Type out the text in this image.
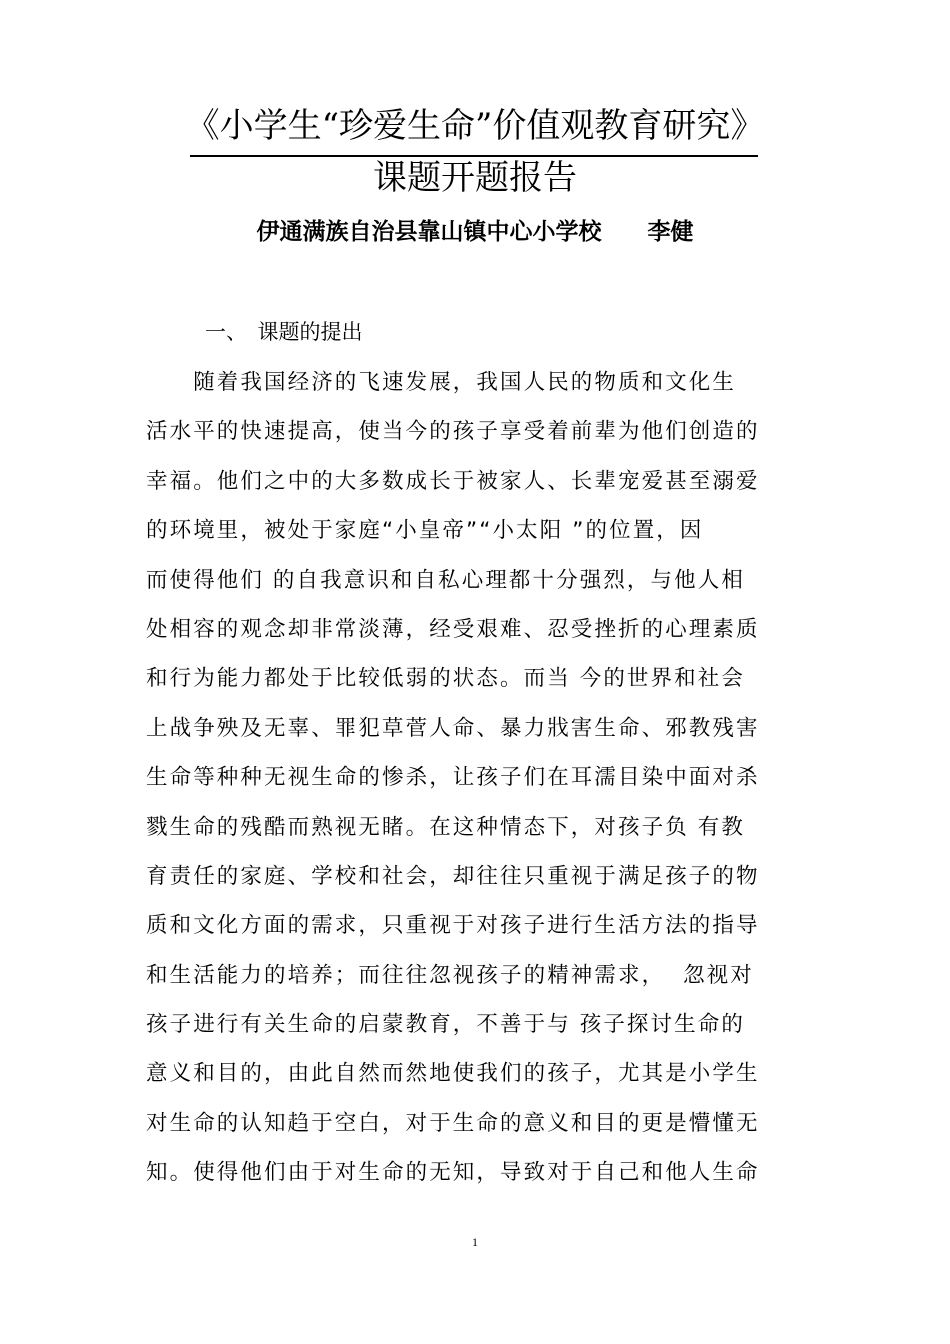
《小学生“珍爱生命”价值观教育研究》
课题开题报告
伊通满族自治县靠山镇中心小学校　　李健
一、　课题的提出
　　随着我国经济的飞速发展，我国人民的物质和文化生
活水平的快速提高，使当今的孩子享受着前辈为他们创造的
幸福。他们之中的大多数成长于被家人、长辈宠爱甚至溺爱
的环境里，被处于家庭“小皇帝”“小太阳 ”的位置，因
而使得他们 的自我意识和自私心理都十分强烈，与他人相
处相容的观念却非常淡薄，经受艰难、忍受挫折的心理素质
和行为能力都处于比较低弱的状态。而当 今的世界和社会
上战争殃及无辜、罪犯草菅人命、暴力戕害生命、邪教残害
生命等种种无视生命的惨杀，让孩子们在耳濡目染中面对杀
戮生命的残酷而熟视无睹。在这种情态下，对孩子负 有教
育责任的家庭、学校和社会，却往往只重视于满足孩子的物
质和文化方面的需求，只重视于对孩子进行生活方法的指导
和生活能力的培养；而往往忽视孩子的精神需求，  忽视对
孩子进行有关生命的启蒙教育，不善于与 孩子探讨生命的
意义和目的，由此自然而然地使我们的孩子，尤其是小学生
对生命的认知趋于空白，对于生命的意义和目的更是懵懂无
知。使得他们由于对生命的无知，导致对于自己和他人生命
1
